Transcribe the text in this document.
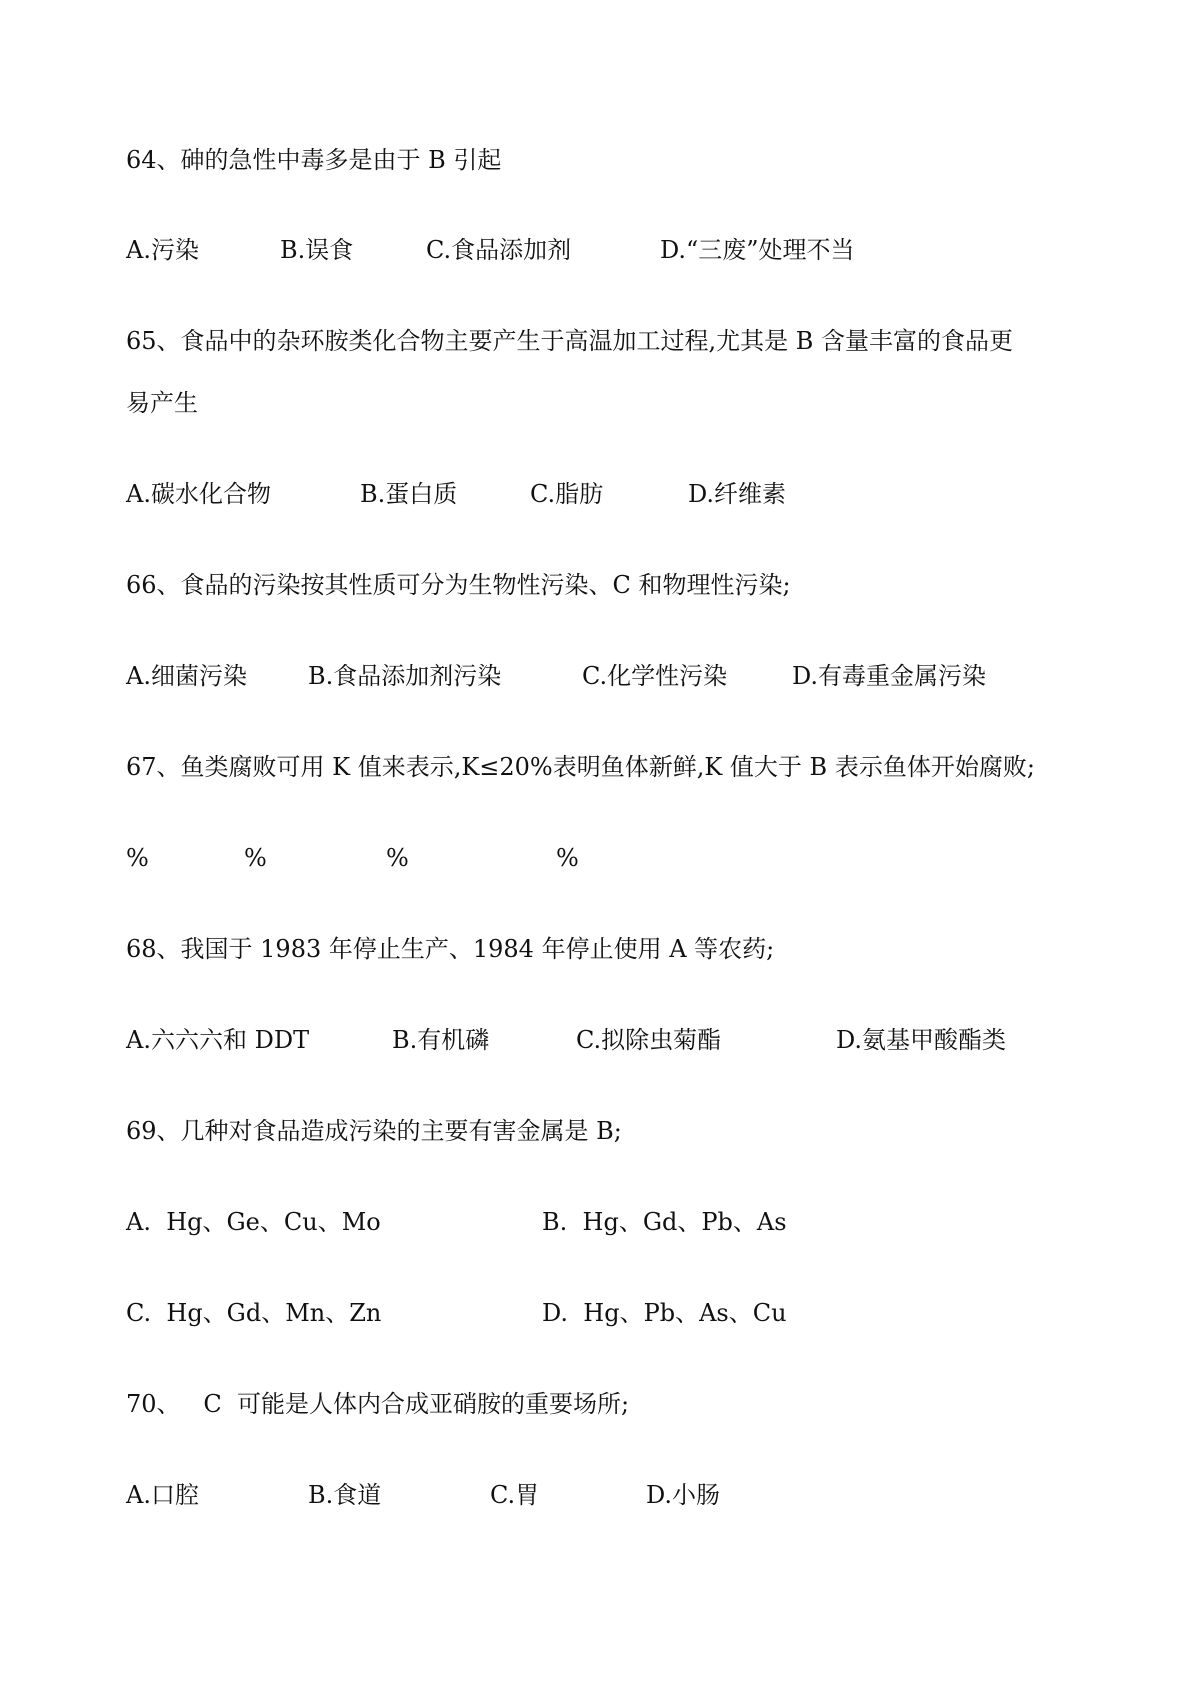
64、砷的急性中毒多是由于 B 引起
A.污染	B.误食	C.食品添加剂	D.“三废”处理不当
65、食品中的杂环胺类化合物主要产生于高温加工过程,尤其是 B 含量丰富的食品更
易产生
A.碳水化合物	B.蛋白质	C.脂肪	D.纤维素
66、食品的污染按其性质可分为生物性污染、C 和物理性污染;
A.细菌污染	B.食品添加剂污染	C.化学性污染	D.有毒重金属污染
67、鱼类腐败可用 K 值来表示,K≤20%表明鱼体新鲜,K 值大于 B 表示鱼体开始腐败;
%	%	%	%
68、我国于 1983 年停止生产、1984 年停止使用 A 等农药;
A.六六六和 DDT	B.有机磷	C.拟除虫菊酯	D.氨基甲酸酯类
69、几种对食品造成污染的主要有害金属是 B;
A.  Hg、Ge、Cu、Mo	B.  Hg、Gd、Pb、As
C.  Hg、Gd、Mn、Zn	D.  Hg、Pb、As、Cu
70、   C  可能是人体内合成亚硝胺的重要场所;
A.口腔	B.食道	C.胃	D.小肠
